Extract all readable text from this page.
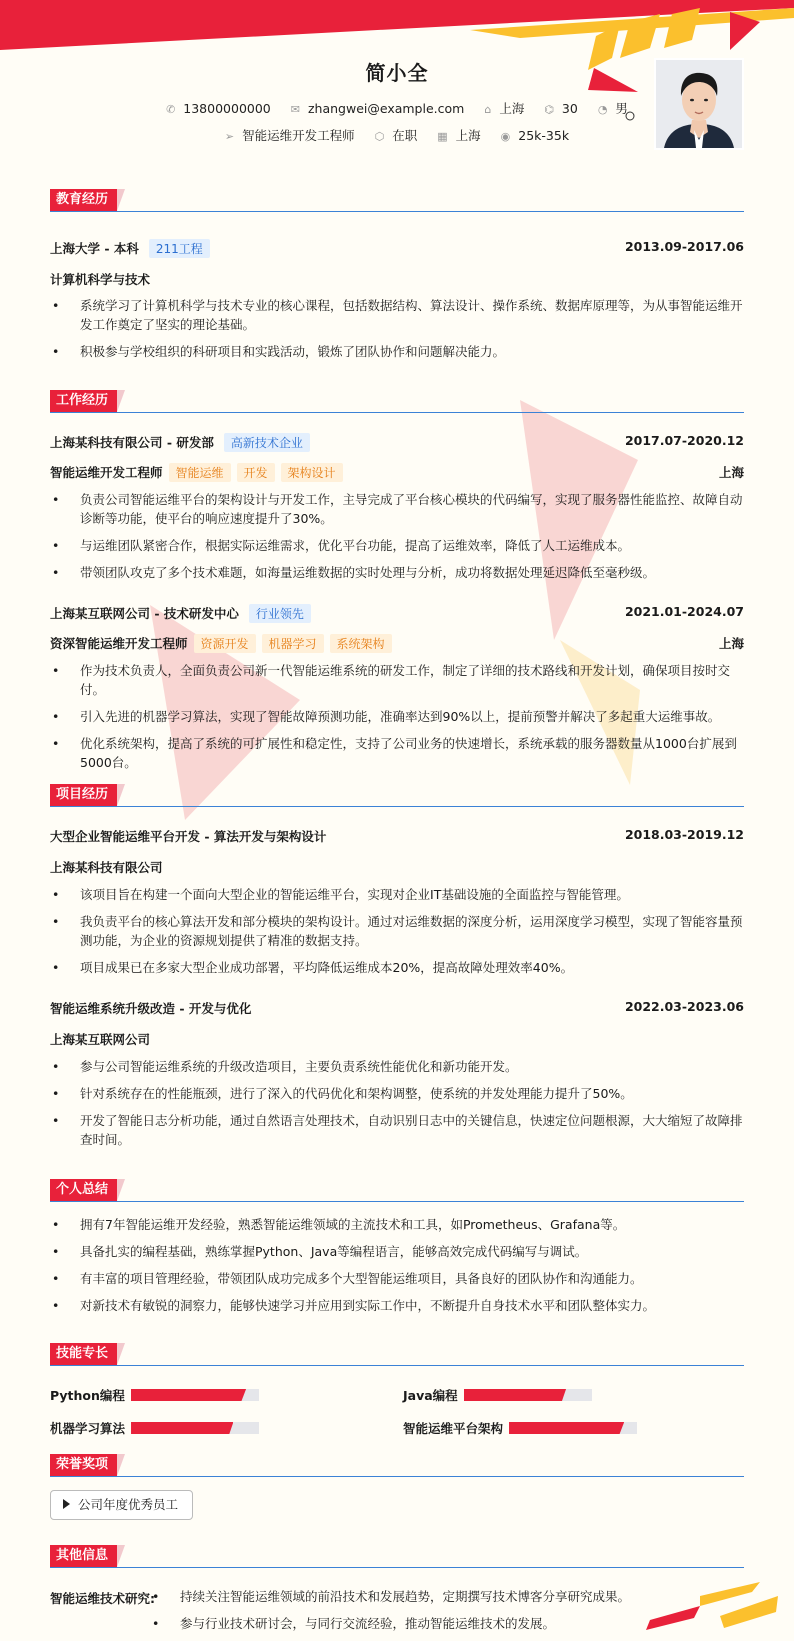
简小全
✆ 13800000000 ✉ zhangwei@example.com ⌂ 上海 ⌬ 30 ◔ 男
➢ 智能运维开发工程师 ⬡ 在职 ▦ 上海 ◉ 25k-35k
教育经历
上海大学 - 本科 211工程	2013.09-2017.06
计算机科学与技术
• 系统学习了计算机科学与技术专业的核心课程，包括数据结构、算法设计、操作系统、数据库原理等，为从事智能运维开发工作奠定了坚实的理论基础。
• 积极参与学校组织的科研项目和实践活动，锻炼了团队协作和问题解决能力。
工作经历
上海某科技有限公司 - 研发部 高新技术企业	2017.07-2020.12
智能运维开发工程师 智能运维 开发 架构设计	上海
• 负责公司智能运维平台的架构设计与开发工作，主导完成了平台核心模块的代码编写，实现了服务器性能监控、故障自动诊断等功能，使平台的响应速度提升了30%。
• 与运维团队紧密合作，根据实际运维需求，优化平台功能，提高了运维效率，降低了人工运维成本。
• 带领团队攻克了多个技术难题，如海量运维数据的实时处理与分析，成功将数据处理延迟降低至毫秒级。
上海某互联网公司 - 技术研发中心 行业领先	2021.01-2024.07
资深智能运维开发工程师 资源开发 机器学习 系统架构	上海
• 作为技术负责人，全面负责公司新一代智能运维系统的研发工作，制定了详细的技术路线和开发计划，确保项目按时交付。
• 引入先进的机器学习算法，实现了智能故障预测功能，准确率达到90%以上，提前预警并解决了多起重大运维事故。
• 优化系统架构，提高了系统的可扩展性和稳定性，支持了公司业务的快速增长，系统承载的服务器数量从1000台扩展到5000台。
项目经历
大型企业智能运维平台开发 - 算法开发与架构设计	2018.03-2019.12
上海某科技有限公司
• 该项目旨在构建一个面向大型企业的智能运维平台，实现对企业IT基础设施的全面监控与智能管理。
• 我负责平台的核心算法开发和部分模块的架构设计。通过对运维数据的深度分析，运用深度学习模型，实现了智能容量预测功能，为企业的资源规划提供了精准的数据支持。
• 项目成果已在多家大型企业成功部署，平均降低运维成本20%，提高故障处理效率40%。
智能运维系统升级改造 - 开发与优化	2022.03-2023.06
上海某互联网公司
• 参与公司智能运维系统的升级改造项目，主要负责系统性能优化和新功能开发。
• 针对系统存在的性能瓶颈，进行了深入的代码优化和架构调整，使系统的并发处理能力提升了50%。
• 开发了智能日志分析功能，通过自然语言处理技术，自动识别日志中的关键信息，快速定位问题根源，大大缩短了故障排查时间。
个人总结
• 拥有7年智能运维开发经验，熟悉智能运维领域的主流技术和工具，如Prometheus、Grafana等。
• 具备扎实的编程基础，熟练掌握Python、Java等编程语言，能够高效完成代码编写与调试。
• 有丰富的项目管理经验，带领团队成功完成多个大型智能运维项目，具备良好的团队协作和沟通能力。
• 对新技术有敏锐的洞察力，能够快速学习并应用到实际工作中，不断提升自身技术水平和团队整体实力。
技能专长
Python编程	Java编程
机器学习算法	智能运维平台架构
荣誉奖项
公司年度优秀员工
其他信息
智能运维技术研究:
•	持续关注智能运维领域的前沿技术和发展趋势，定期撰写技术博客分享研究成果。
• 参与行业技术研讨会，与同行交流经验，推动智能运维技术的发展。
